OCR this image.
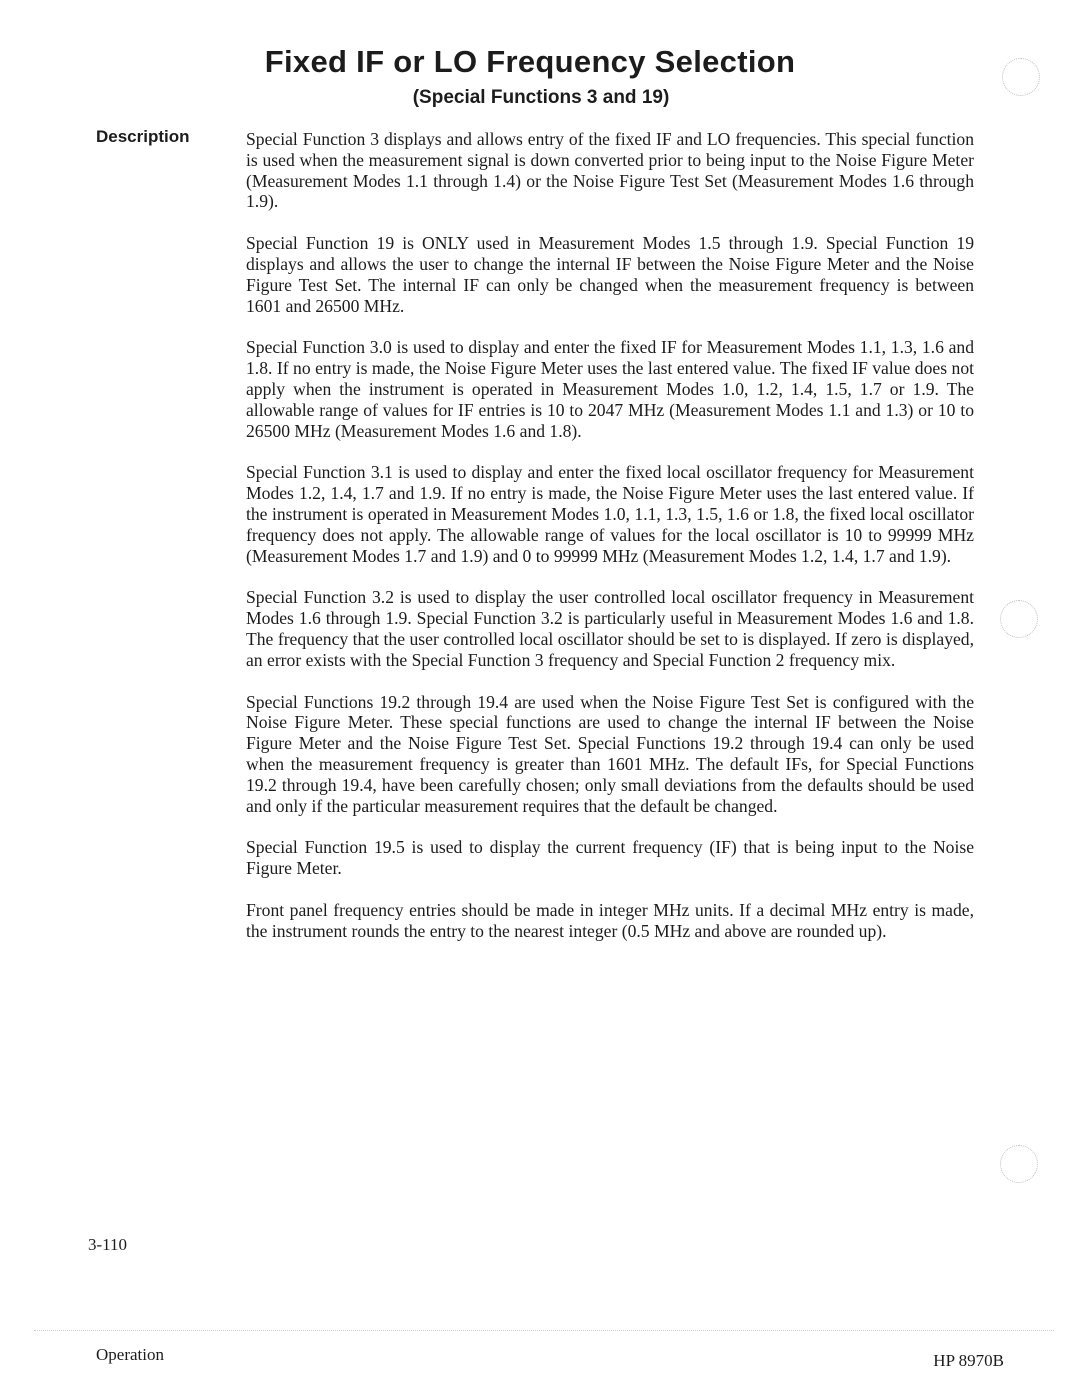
Fixed IF or LO Frequency Selection
(Special Functions 3 and 19)
Description	Special Function 3 displays and allows entry of the fixed IF and LO frequencies. This special function is used when the measurement signal is down converted prior to being input to the Noise Figure Meter (Measurement Modes 1.1 through 1.4) or the Noise Figure Test Set (Measurement Modes 1.6 through 1.9).

Special Function 19 is ONLY used in Measurement Modes 1.5 through 1.9. Special Function 19 displays and allows the user to change the internal IF between the Noise Figure Meter and the Noise Figure Test Set. The internal IF can only be changed when the measurement frequency is between 1601 and 26500 MHz.

Special Function 3.0 is used to display and enter the fixed IF for Measurement Modes 1.1, 1.3, 1.6 and 1.8. If no entry is made, the Noise Figure Meter uses the last entered value. The fixed IF value does not apply when the instrument is operated in Measurement Modes 1.0, 1.2, 1.4, 1.5, 1.7 or 1.9. The allowable range of values for IF entries is 10 to 2047 MHz (Measurement Modes 1.1 and 1.3) or 10 to 26500 MHz (Measurement Modes 1.6 and 1.8).

Special Function 3.1 is used to display and enter the fixed local oscillator frequency for Measurement Modes 1.2, 1.4, 1.7 and 1.9. If no entry is made, the Noise Figure Meter uses the last entered value. If the instrument is operated in Measurement Modes 1.0, 1.1, 1.3, 1.5, 1.6 or 1.8, the fixed local oscillator frequency does not apply. The allowable range of values for the local oscillator is 10 to 99999 MHz (Measurement Modes 1.7 and 1.9) and 0 to 99999 MHz (Measurement Modes 1.2, 1.4, 1.7 and 1.9).

Special Function 3.2 is used to display the user controlled local oscillator frequency in Measurement Modes 1.6 through 1.9. Special Function 3.2 is particularly useful in Measurement Modes 1.6 and 1.8. The frequency that the user controlled local oscillator should be set to is displayed. If zero is displayed, an error exists with the Special Function 3 frequency and Special Function 2 frequency mix.

Special Functions 19.2 through 19.4 are used when the Noise Figure Test Set is configured with the Noise Figure Meter. These special functions are used to change the internal IF between the Noise Figure Meter and the Noise Figure Test Set. Special Functions 19.2 through 19.4 can only be used when the measurement frequency is greater than 1601 MHz. The default IFs, for Special Functions 19.2 through 19.4, have been carefully chosen; only small deviations from the defaults should be used and only if the particular measurement requires that the default be changed.

Special Function 19.5 is used to display the current frequency (IF) that is being input to the Noise Figure Meter.

Front panel frequency entries should be made in integer MHz units. If a decimal MHz entry is made, the instrument rounds the entry to the nearest integer (0.5 MHz and above are rounded up).

3-110
Operation	HP 8970B
